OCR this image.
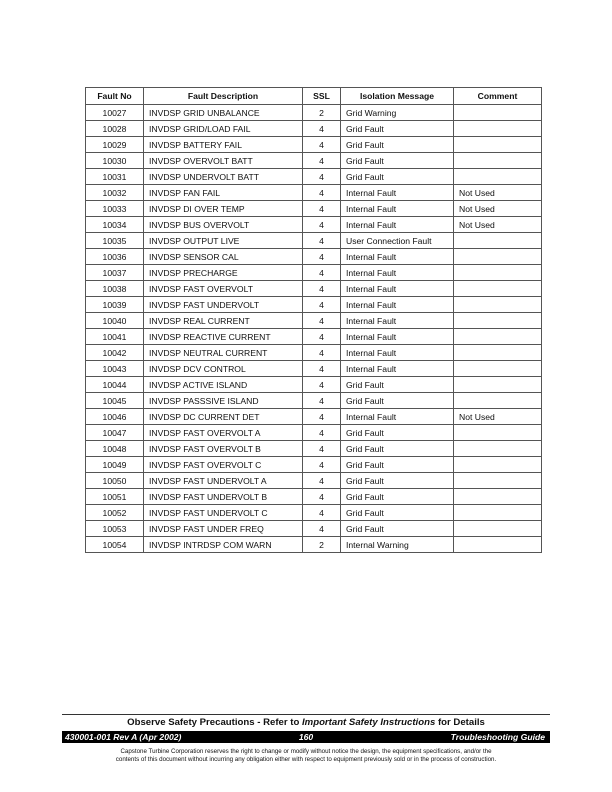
Fault No	Fault Description	SSL	Isolation Message	Comment
10027	INVDSP GRID UNBALANCE	2	Grid Warning	
10028	INVDSP GRID/LOAD FAIL	4	Grid Fault	
10029	INVDSP BATTERY FAIL	4	Grid Fault	
10030	INVDSP OVERVOLT BATT	4	Grid Fault	
10031	INVDSP UNDERVOLT BATT	4	Grid Fault	
10032	INVDSP FAN FAIL	4	Internal Fault	Not Used
10033	INVDSP DI OVER TEMP	4	Internal Fault	Not Used
10034	INVDSP BUS OVERVOLT	4	Internal Fault	Not Used
10035	INVDSP OUTPUT LIVE	4	User Connection Fault	
10036	INVDSP SENSOR CAL	4	Internal Fault	
10037	INVDSP PRECHARGE	4	Internal Fault	
10038	INVDSP FAST OVERVOLT	4	Internal Fault	
10039	INVDSP FAST UNDERVOLT	4	Internal Fault	
10040	INVDSP REAL CURRENT	4	Internal Fault	
10041	INVDSP REACTIVE CURRENT	4	Internal Fault	
10042	INVDSP NEUTRAL CURRENT	4	Internal Fault	
10043	INVDSP DCV CONTROL	4	Internal Fault	
10044	INVDSP ACTIVE ISLAND	4	Grid Fault	
10045	INVDSP PASSSIVE ISLAND	4	Grid Fault	
10046	INVDSP DC CURRENT DET	4	Internal Fault	Not Used
10047	INVDSP FAST OVERVOLT A	4	Grid Fault	
10048	INVDSP FAST OVERVOLT B	4	Grid Fault	
10049	INVDSP FAST OVERVOLT C	4	Grid Fault	
10050	INVDSP FAST UNDERVOLT A	4	Grid Fault	
10051	INVDSP FAST UNDERVOLT B	4	Grid Fault	
10052	INVDSP FAST UNDERVOLT C	4	Grid Fault	
10053	INVDSP FAST UNDER FREQ	4	Grid Fault	
10054	INVDSP INTRDSP COM WARN	2	Internal Warning	
Observe Safety Precautions - Refer to Important Safety Instructions for Details
430001-001 Rev A (Apr 2002)	160	Troubleshooting Guide
Capstone Turbine Corporation reserves the right to change or modify without notice the design, the equipment specifications, and/or the
contents of this document without incurring any obligation either with respect to equipment previously sold or in the process of construction.
